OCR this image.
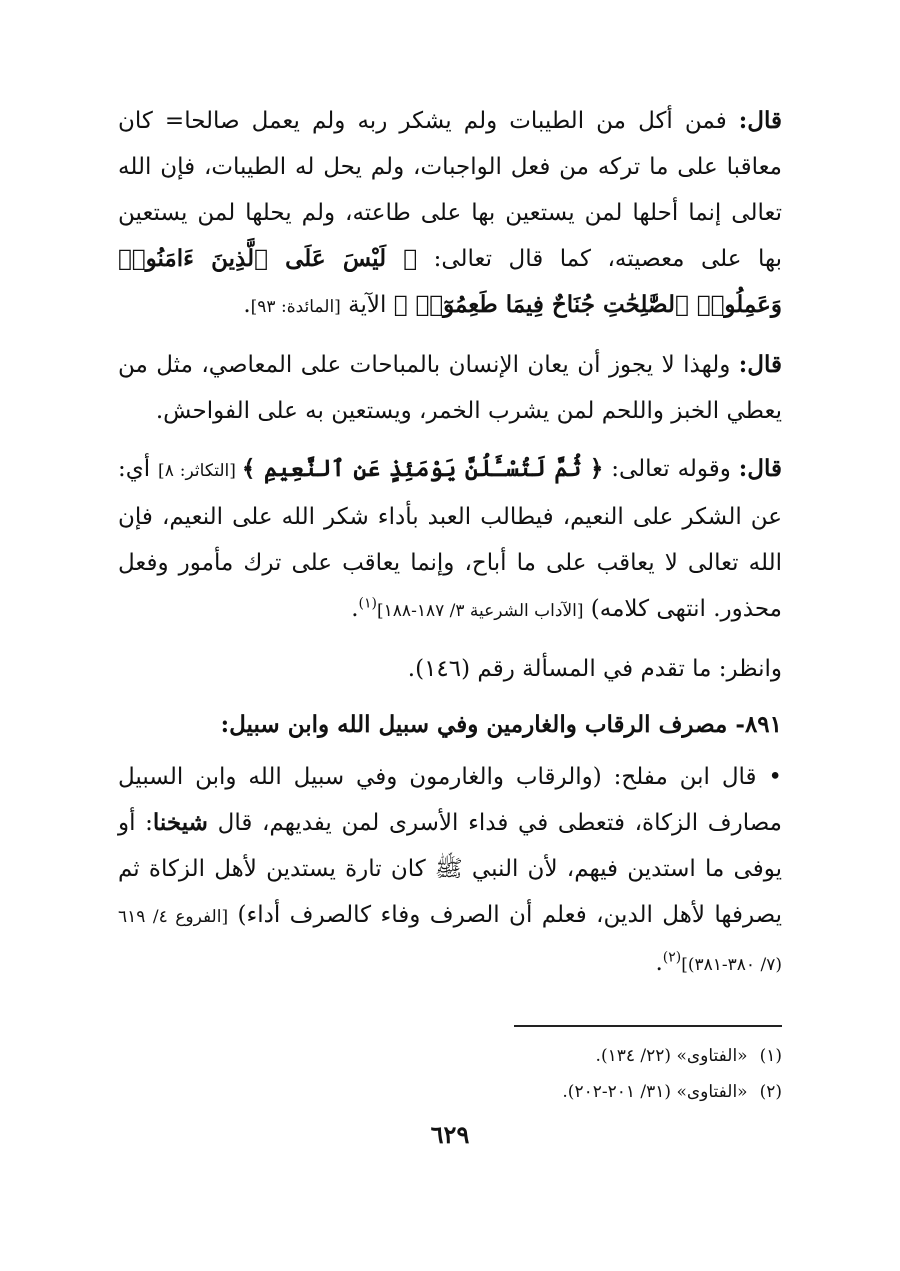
قال: فمن أكل من الطيبات ولم يشكر ربه ولم يعمل صالحا= كان معاقبا على ما تركه من فعل الواجبات، ولم يحل له الطيبات، فإن الله تعالى إنما أحلها لمن يستعين بها على طاعته، ولم يحلها لمن يستعين بها على معصيته، كما قال تعالى: ﴿ لَيْسَ عَلَى ٱلَّذِينَ ءَامَنُوا۟ وَعَمِلُوا۟ ٱلصَّٰلِحَٰتِ جُنَاحٌ فِيمَا طَعِمُوٓا۟ ﴾ الآية [المائدة: ٩٣].

قال: ولهذا لا يجوز أن يعان الإنسان بالمباحات على المعاصي، مثل من يعطي الخبز واللحم لمن يشرب الخمر، ويستعين به على الفواحش.

قال: وقوله تعالى: ﴿ ثُمَّ لَتُسْـَٔلُنَّ يَوْمَئِذٍ عَنِ ٱلنَّعِيمِ ﴾ [التكاثر: ٨] أي: عن الشكر على النعيم، فيطالب العبد بأداء شكر الله على النعيم، فإن الله تعالى لا يعاقب على ما أباح، وإنما يعاقب على ترك مأمور وفعل محذور. انتهى كلامه) [الآداب الشرعية ٣/ ١٨٧-١٨٨]$^{(١)}$.

وانظر: ما تقدم في المسألة رقم (١٤٦).

٨٩١- مصرف الرقاب والغارمين وفي سبيل الله وابن سبيل:

• قال ابن مفلح: (والرقاب والغارمون وفي سبيل الله وابن السبيل مصارف الزكاة، فتعطى في فداء الأسرى لمن يفديهم، قال شيخنا: أو يوفى ما استدين فيهم، لأن النبي ﷺ كان تارة يستدين لأهل الزكاة ثم يصرفها لأهل الدين، فعلم أن الصرف وفاء كالصرف أداء) [الفروع ٤/ ٦١٩ (٧/ ٣٨٠-٣٨١)]$^{(٢)}$.

(١)«الفتاوى» (٢٢/ ١٣٤).

(٢)«الفتاوى» (٣١/ ٢٠١-٢٠٢).

٦٢٩
